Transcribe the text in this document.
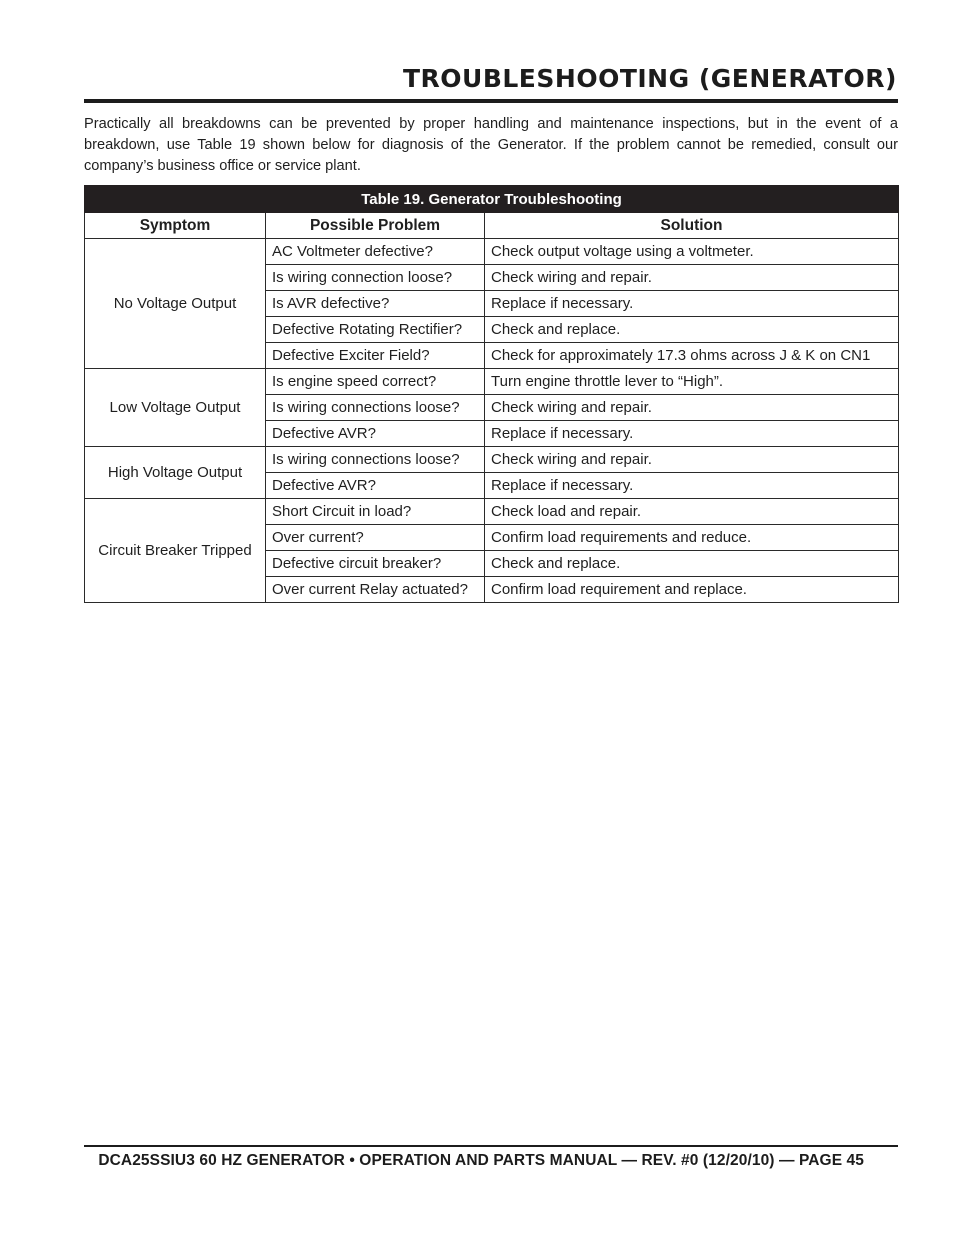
TROUBLESHOOTING (GENERATOR)

Practically all breakdowns can be prevented by proper handling and maintenance inspections, but in the event of a breakdown, use Table 19 shown below for diagnosis of the Generator. If the problem cannot be remedied, consult our company’s business office or service plant.

Table 19. Generator Troubleshooting		
Symptom	Possible Problem	Solution
No Voltage Output	AC Voltmeter defective?	Check output voltage using a voltmeter.
	Is wiring connection loose?	Check wiring and repair.
	Is AVR defective?	Replace if necessary.
	Defective Rotating Rectifier?	Check and replace.
	Defective Exciter Field?	Check for approximately 17.3 ohms across J & K on CN1
Low Voltage Output	Is engine speed correct?	Turn engine throttle lever to “High”.
	Is wiring connections loose?	Check wiring and repair.
	Defective AVR?	Replace if necessary.
High Voltage Output	Is wiring connections loose?	Check wiring and repair.
	Defective AVR?	Replace if necessary.
Circuit Breaker Tripped	Short Circuit in load?	Check load and repair.
	Over current?	Confirm load requirements and reduce.
	Defective circuit breaker?	Check and replace.
	Over current Relay actuated?	Confirm load requirement and replace.

DCA25SSIU3 60 HZ GENERATOR • OPERATION AND PARTS MANUAL — REV. #0 (12/20/10) — PAGE 45
